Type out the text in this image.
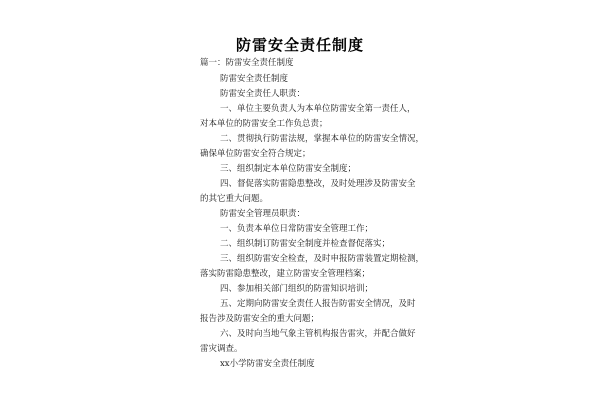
防雷安全责任制度
篇一：防雷安全责任制度
防雷安全责任制度
防雷安全责任人职责：
一、单位主要负责人为本单位防雷安全第一责任人，
对本单位的防雷安全工作负总责；
二、贯彻执行防雷法规，掌握本单位的防雷安全情况，
确保单位防雷安全符合规定；
三、组织制定本单位防雷安全制度；
四、督促落实防雷隐患整改，及时处理涉及防雷安全
的其它重大问题。
防雷安全管理员职责：
一、负责本单位日常防雷安全管理工作；
二、组织制订防雷安全制度并检查督促落实；
三、组织防雷安全检查，及时申报防雷装置定期检测，
落实防雷隐患整改，建立防雷安全管理档案；
四、参加相关部门组织的防雷知识培训；
五、定期向防雷安全责任人报告防雷安全情况，及时
报告涉及防雷安全的重大问题；
六、及时向当地气象主管机构报告雷灾，并配合做好
雷灾调查。
xx小学防雷安全责任制度
